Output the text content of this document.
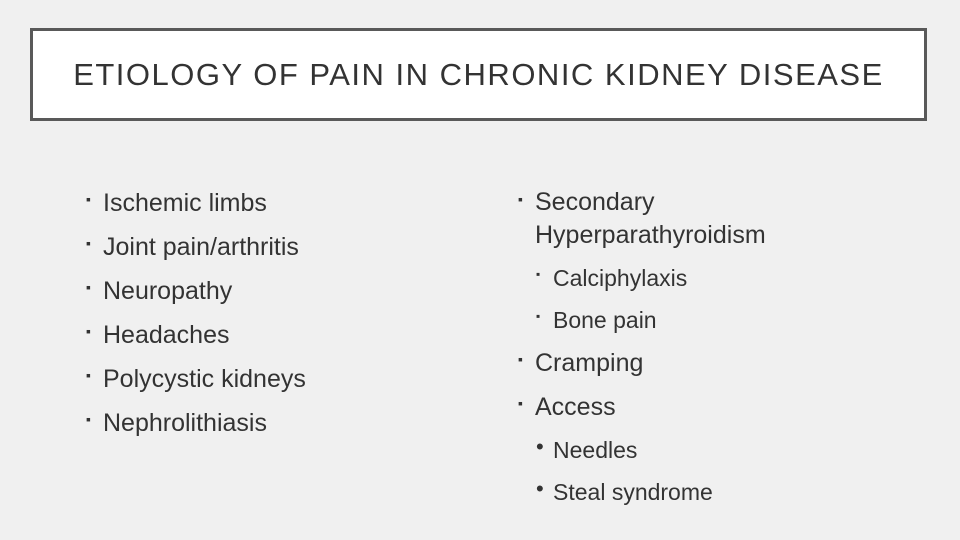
ETIOLOGY OF PAIN IN CHRONIC KIDNEY DISEASE
▪ Ischemic limbs
▪ Joint pain/arthritis
▪ Neuropathy
▪ Headaches
▪ Polycystic kidneys
▪ Nephrolithiasis
▪ Secondary Hyperparathyroidism
▪ Calciphylaxis
▪ Bone pain
▪ Cramping
▪ Access
• Needles
• Steal syndrome
